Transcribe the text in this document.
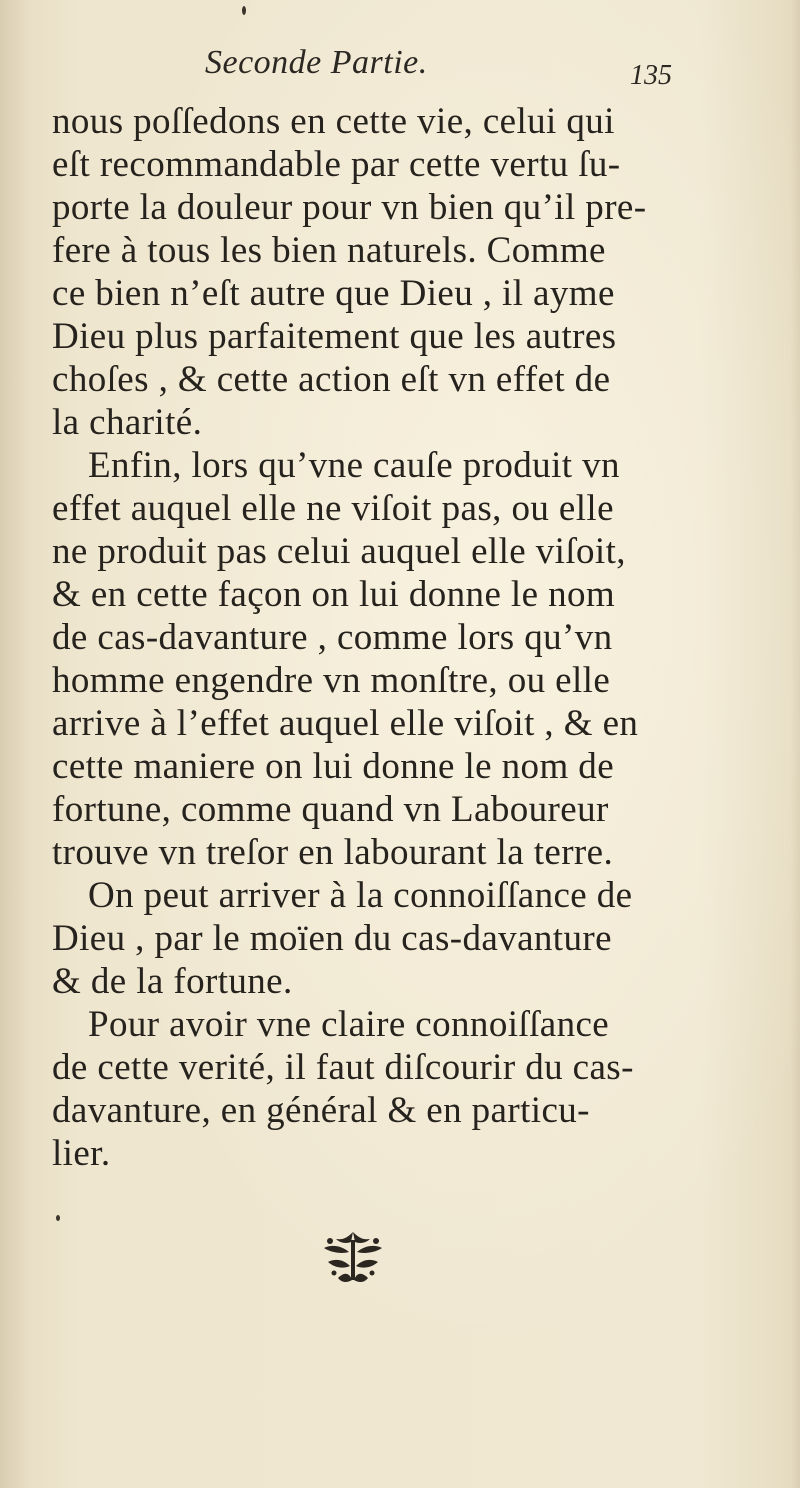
Seconde Partie.	135
nous poſſedons en cette vie, celui qui
eſt recommandable par cette vertu ſu-
porte la douleur pour vn bien qu’il pre-
fere à tous les bien naturels. Comme
ce bien n’eſt autre que Dieu , il ayme
Dieu plus parfaitement que les autres
choſes , & cette action eſt vn effet de
la charité.
Enfin, lors qu’vne cauſe produit vn
effet auquel elle ne viſoit pas, ou elle
ne produit pas celui auquel elle viſoit,
& en cette façon on lui donne le nom
de cas-davanture , comme lors qu’vn
homme engendre vn monſtre, ou elle
arrive à l’effet auquel elle viſoit , & en
cette maniere on lui donne le nom de
fortune, comme quand vn Laboureur
trouve vn treſor en labourant la terre.
On peut arriver à la connoiſſance de
Dieu , par le moïen du cas-davanture
& de la fortune.
Pour avoir vne claire connoiſſance
de cette verité, il faut diſcourir du cas-
davanture, en général & en particu-
lier.
